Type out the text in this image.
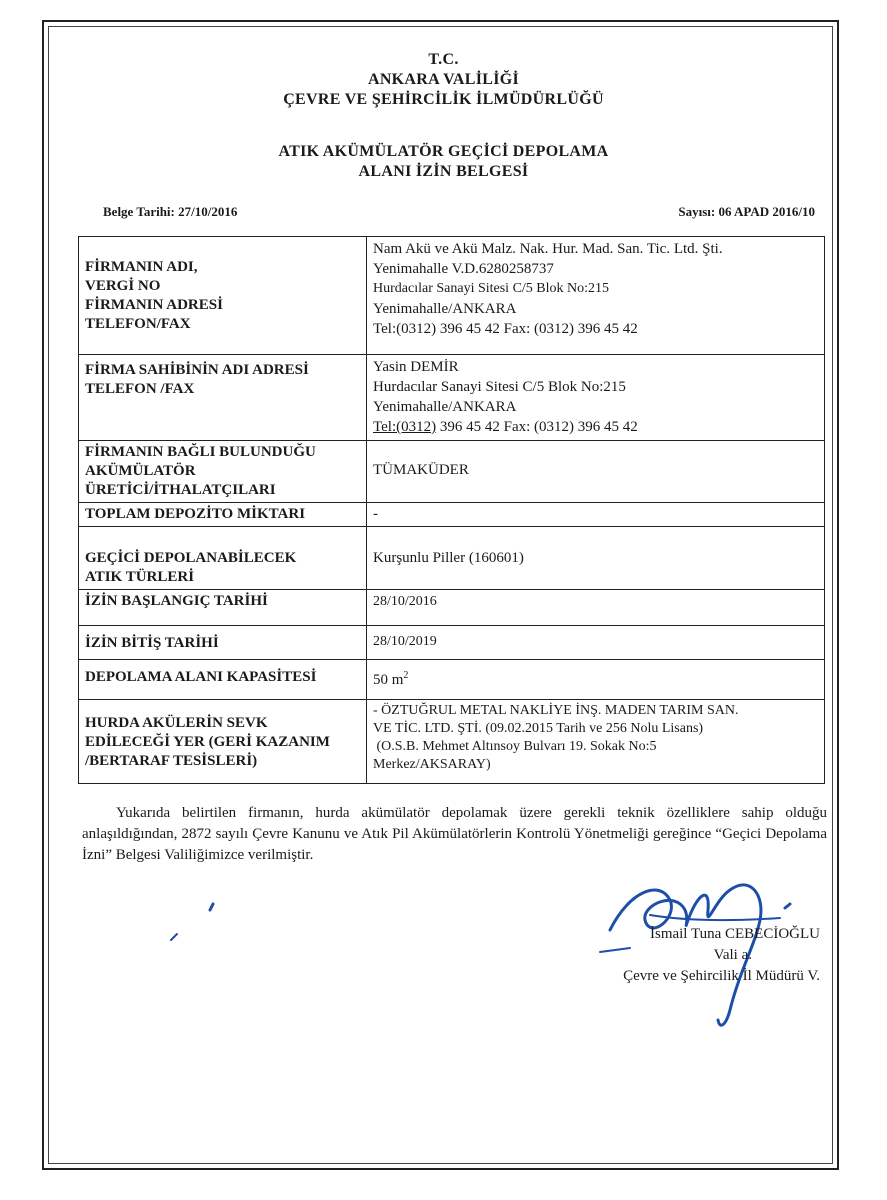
T.C.
ANKARA VALİLİĞİ
ÇEVRE VE ŞEHİRCİLİK İLMÜDÜRLÜĞÜ
ATIK AKÜMÜLATÖR GEÇİCİ DEPOLAMA
ALANI İZİN BELGESİ
Belge Tarihi: 27/10/2016	Sayısı: 06 APAD 2016/10
FİRMANIN ADI,
VERGİ NO
FİRMANIN ADRESİ
TELEFON/FAX	Nam Akü ve Akü Malz. Nak. Hur. Mad. San. Tic. Ltd. Şti.
Yenimahalle V.D.6280258737
Hurdacılar Sanayi Sitesi C/5 Blok No:215
Yenimahalle/ANKARA
Tel:(0312) 396 45 42 Fax: (0312) 396 45 42

FİRMA SAHİBİNİN ADI ADRESİ
TELEFON /FAX	Yasin DEMİR
Hurdacılar Sanayi Sitesi C/5 Blok No:215
Yenimahalle/ANKARA
Tel:(0312) 396 45 42 Fax: (0312) 396 45 42

FİRMANIN BAĞLI BULUNDUĞU
AKÜMÜLATÖR
ÜRETİCİ/İTHALATÇILARI	TÜMAKÜDER

TOPLAM DEPOZİTO MİKTARI	-

GEÇİCİ DEPOLANABİLECEK
ATIK TÜRLERİ	Kurşunlu Piller (160601)

İZİN BAŞLANGIÇ TARİHİ	28/10/2016

İZİN BİTİŞ TARİHİ	28/10/2019

DEPOLAMA ALANI KAPASİTESİ	50 $m^2$

HURDA AKÜLERİN SEVK
EDİLECEĞİ YER (GERİ KAZANIM
/BERTARAF TESİSLERİ)	- ÖZTUĞRUL METAL NAKLİYE İNŞ. MADEN TARIM SAN.
VE TİC. LTD. ŞTİ. (09.02.2015 Tarih ve 256 Nolu Lisans)
(O.S.B. Mehmet Altınsoy Bulvarı 19. Sokak No:5
Merkez/AKSARAY)
Yukarıda belirtilen firmanın, hurda akümülatör depolamak üzere gerekli teknik özelliklere sahip olduğu anlaşıldığından, 2872 sayılı Çevre Kanunu ve Atık Pil Akümülatörlerin Kontrolü Yönetmeliği gereğince “Geçici Depolama İzni” Belgesi Valiliğimizce verilmiştir.
İsmail Tuna CEBECİOĞLU
Vali a.
Çevre ve Şehircilik İl Müdürü V.
